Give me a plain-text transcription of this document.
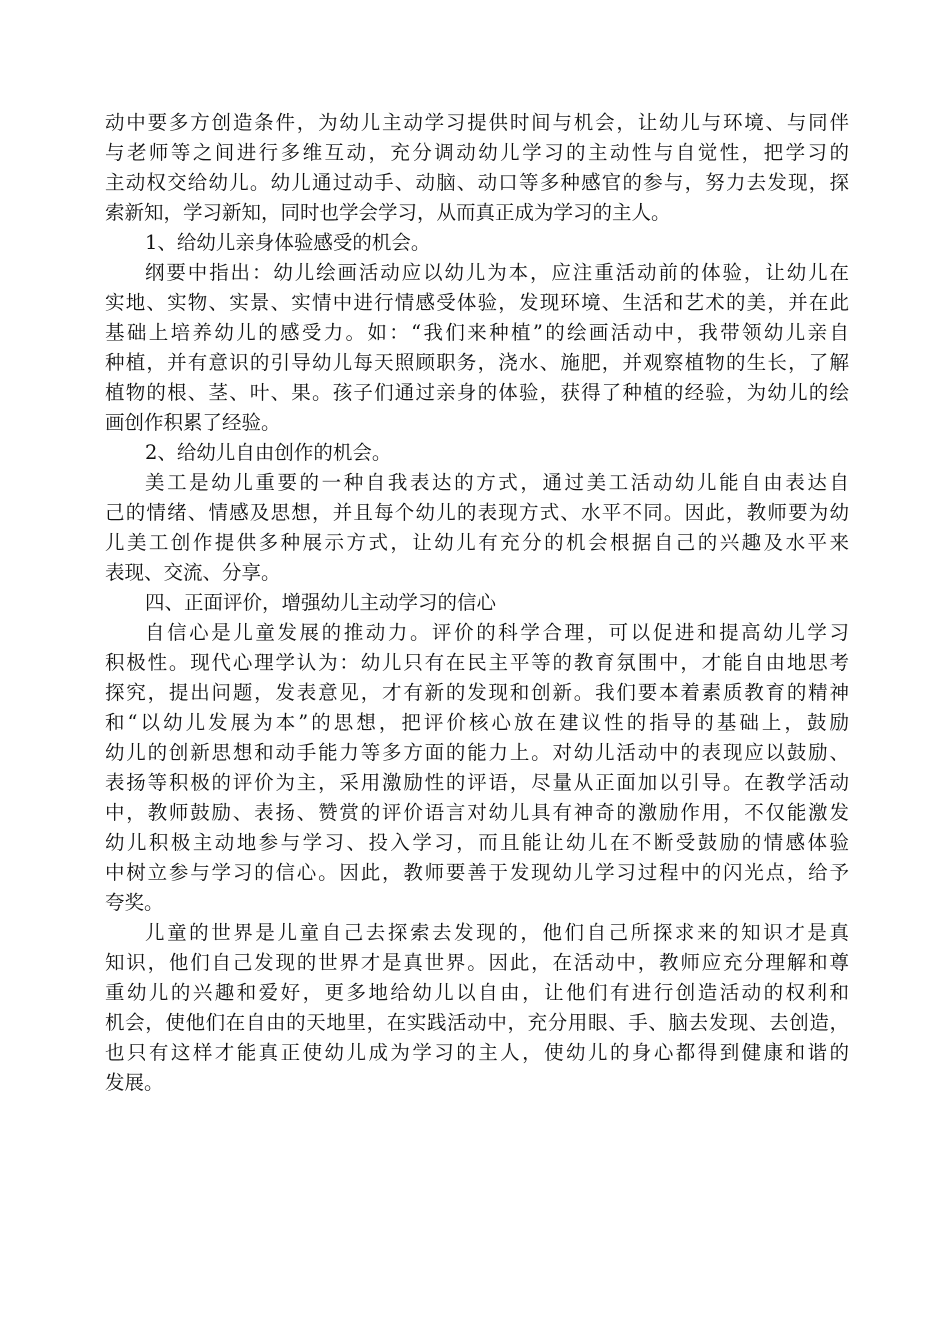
动中要多方创造条件，为幼儿主动学习提供时间与机会，让幼儿与环境、与同伴
与老师等之间进行多维互动，充分调动幼儿学习的主动性与自觉性，把学习的
主动权交给幼儿。幼儿通过动手、动脑、动口等多种感官的参与，努力去发现，探
索新知，学习新知，同时也学会学习，从而真正成为学习的主人。
1、给幼儿亲身体验感受的机会。
纲要中指出：幼儿绘画活动应以幼儿为本，应注重活动前的体验，让幼儿在
实地、实物、实景、实情中进行情感受体验，发现环境、生活和艺术的美，并在此
基础上培养幼儿的感受力。如：“我们来种植”的绘画活动中，我带领幼儿亲自
种植，并有意识的引导幼儿每天照顾职务，浇水、施肥，并观察植物的生长，了解
植物的根、茎、叶、果。孩子们通过亲身的体验，获得了种植的经验，为幼儿的绘
画创作积累了经验。
2、给幼儿自由创作的机会。
美工是幼儿重要的一种自我表达的方式，通过美工活动幼儿能自由表达自
己的情绪、情感及思想，并且每个幼儿的表现方式、水平不同。因此，教师要为幼
儿美工创作提供多种展示方式，让幼儿有充分的机会根据自己的兴趣及水平来
表现、交流、分享。
四、正面评价，增强幼儿主动学习的信心
自信心是儿童发展的推动力。评价的科学合理，可以促进和提高幼儿学习
积极性。现代心理学认为：幼儿只有在民主平等的教育氛围中，才能自由地思考
探究，提出问题，发表意见，才有新的发现和创新。我们要本着素质教育的精神
和“以幼儿发展为本”的思想，把评价核心放在建议性的指导的基础上，鼓励
幼儿的创新思想和动手能力等多方面的能力上。对幼儿活动中的表现应以鼓励、
表扬等积极的评价为主，采用激励性的评语，尽量从正面加以引导。在教学活动
中，教师鼓励、表扬、赞赏的评价语言对幼儿具有神奇的激励作用，不仅能激发
幼儿积极主动地参与学习、投入学习，而且能让幼儿在不断受鼓励的情感体验
中树立参与学习的信心。因此，教师要善于发现幼儿学习过程中的闪光点，给予
夸奖。
儿童的世界是儿童自己去探索去发现的，他们自己所探求来的知识才是真
知识，他们自己发现的世界才是真世界。因此，在活动中，教师应充分理解和尊
重幼儿的兴趣和爱好，更多地给幼儿以自由，让他们有进行创造活动的权利和
机会，使他们在自由的天地里，在实践活动中，充分用眼、手、脑去发现、去创造，
也只有这样才能真正使幼儿成为学习的主人，使幼儿的身心都得到健康和谐的
发展。
